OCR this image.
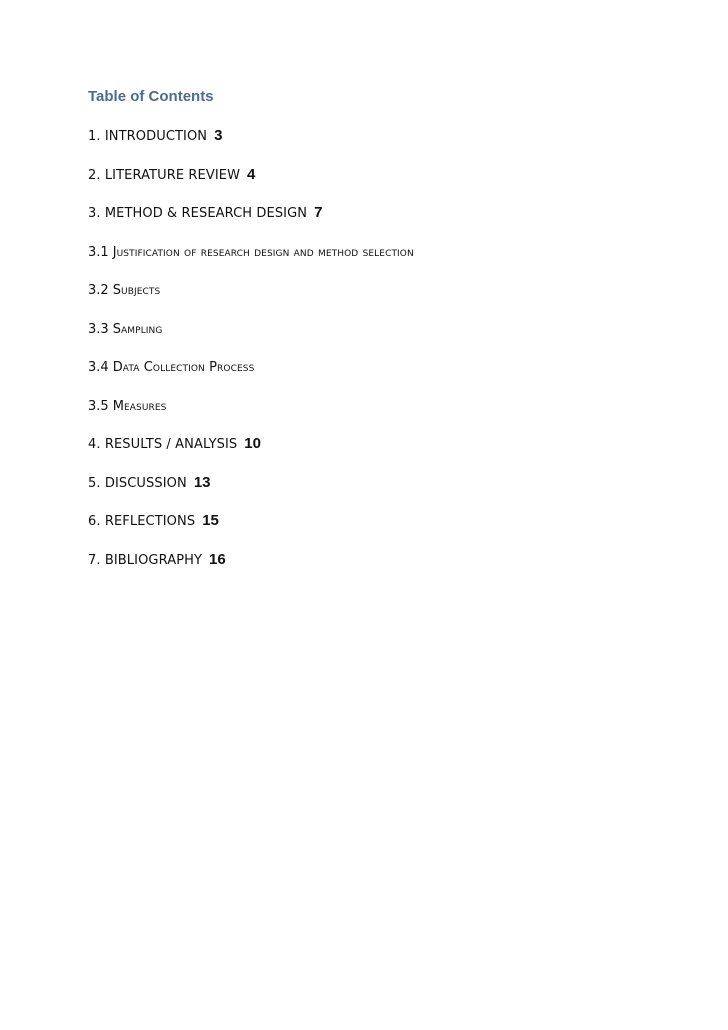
Table of Contents
1. INTRODUCTION 3
2. LITERATURE REVIEW 4
3. METHOD & RESEARCH DESIGN 7
3.1 Justification of research design and method selection
3.2 Subjects
3.3 Sampling
3.4 Data Collection Process
3.5 Measures
4. RESULTS / ANALYSIS 10
5. DISCUSSION 13
6. REFLECTIONS 15
7. BIBLIOGRAPHY 16
